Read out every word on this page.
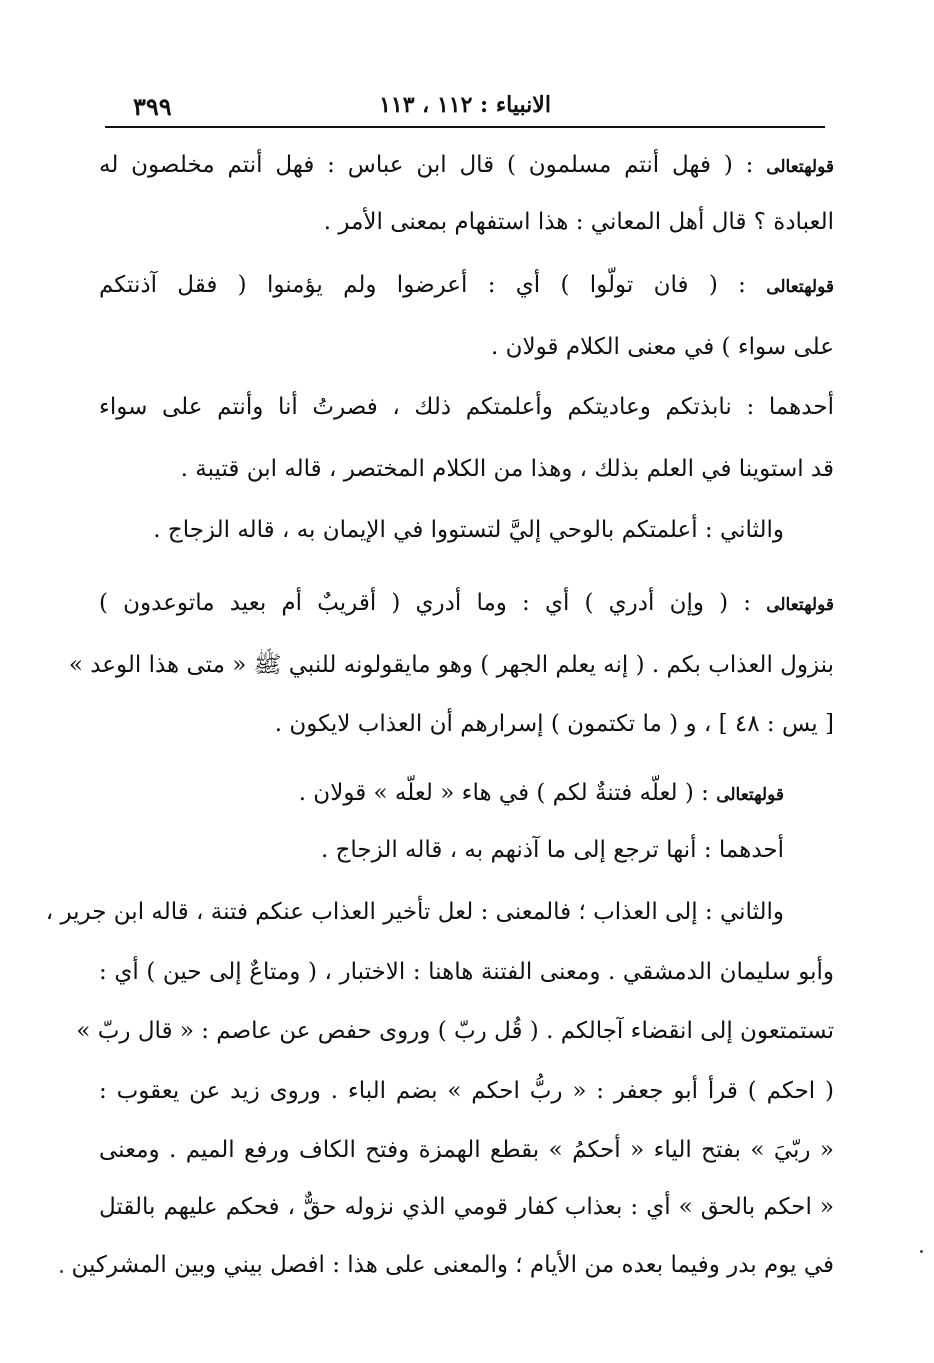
٣٩٩	الانبياء : ١١٢ ، ١١٣
قولهتعالى : ( فهل أنتم مسلمون ) قال ابن عباس : فهل أنتم مخلصون له
العبادة ؟ قال أهل المعاني : هذا استفهام بمعنى الأمر .
قولهتعالى : ( فان تولّوا ) أي : أعرضوا ولم يؤمنوا ( فقل آذنتكم
على سواء ) في معنى الكلام قولان .
أحدهما : نابذتكم وعاديتكم وأعلمتكم ذلك ، فصرتُ أنا وأنتم على سواء
قد استوينا في العلم بذلك ، وهذا من الكلام المختصر ، قاله ابن قتيبة .
والثاني : أعلمتكم بالوحي إليَّ لتستووا في الإيمان به ، قاله الزجاج .
قولهتعالى : ( وإن أدري ) أي : وما أدري ( أقريبٌ أم بعيد ماتوعدون )
بنزول العذاب بكم . ( إنه يعلم الجهر ) وهو مايقولونه للنبي ﷺ « متى هذا الوعد »
[ يس : ٤٨ ] ، و ( ما تكتمون ) إسرارهم أن العذاب لايكون .
قولهتعالى : ( لعلّه فتنةٌ لكم ) في هاء « لعلّه » قولان .
أحدهما : أنها ترجع إلى ما آذنهم به ، قاله الزجاج .
والثاني : إلى العذاب ؛ فالمعنى : لعل تأخير العذاب عنكم فتنة ، قاله ابن جرير ،
وأبو سليمان الدمشقي . ومعنى الفتنة هاهنا : الاختبار ، ( ومتاعٌ إلى حين ) أي :
تستمتعون إلى انقضاء آجالكم . ( قُل ربّ ) وروى حفص عن عاصم : « قال ربّ »
( احكم ) قرأ أبو جعفر : « ربُّ احكم » بضم الباء . وروى زيد عن يعقوب :
« ربّيَ » بفتح الياء « أحكمُ » بقطع الهمزة وفتح الكاف ورفع الميم . ومعنى
« احكم بالحق » أي : بعذاب كفار قومي الذي نزوله حقٌّ ، فحكم عليهم بالقتل
في يوم بدر وفيما بعده من الأيام ؛ والمعنى على هذا : افصل بيني وبين المشركين
